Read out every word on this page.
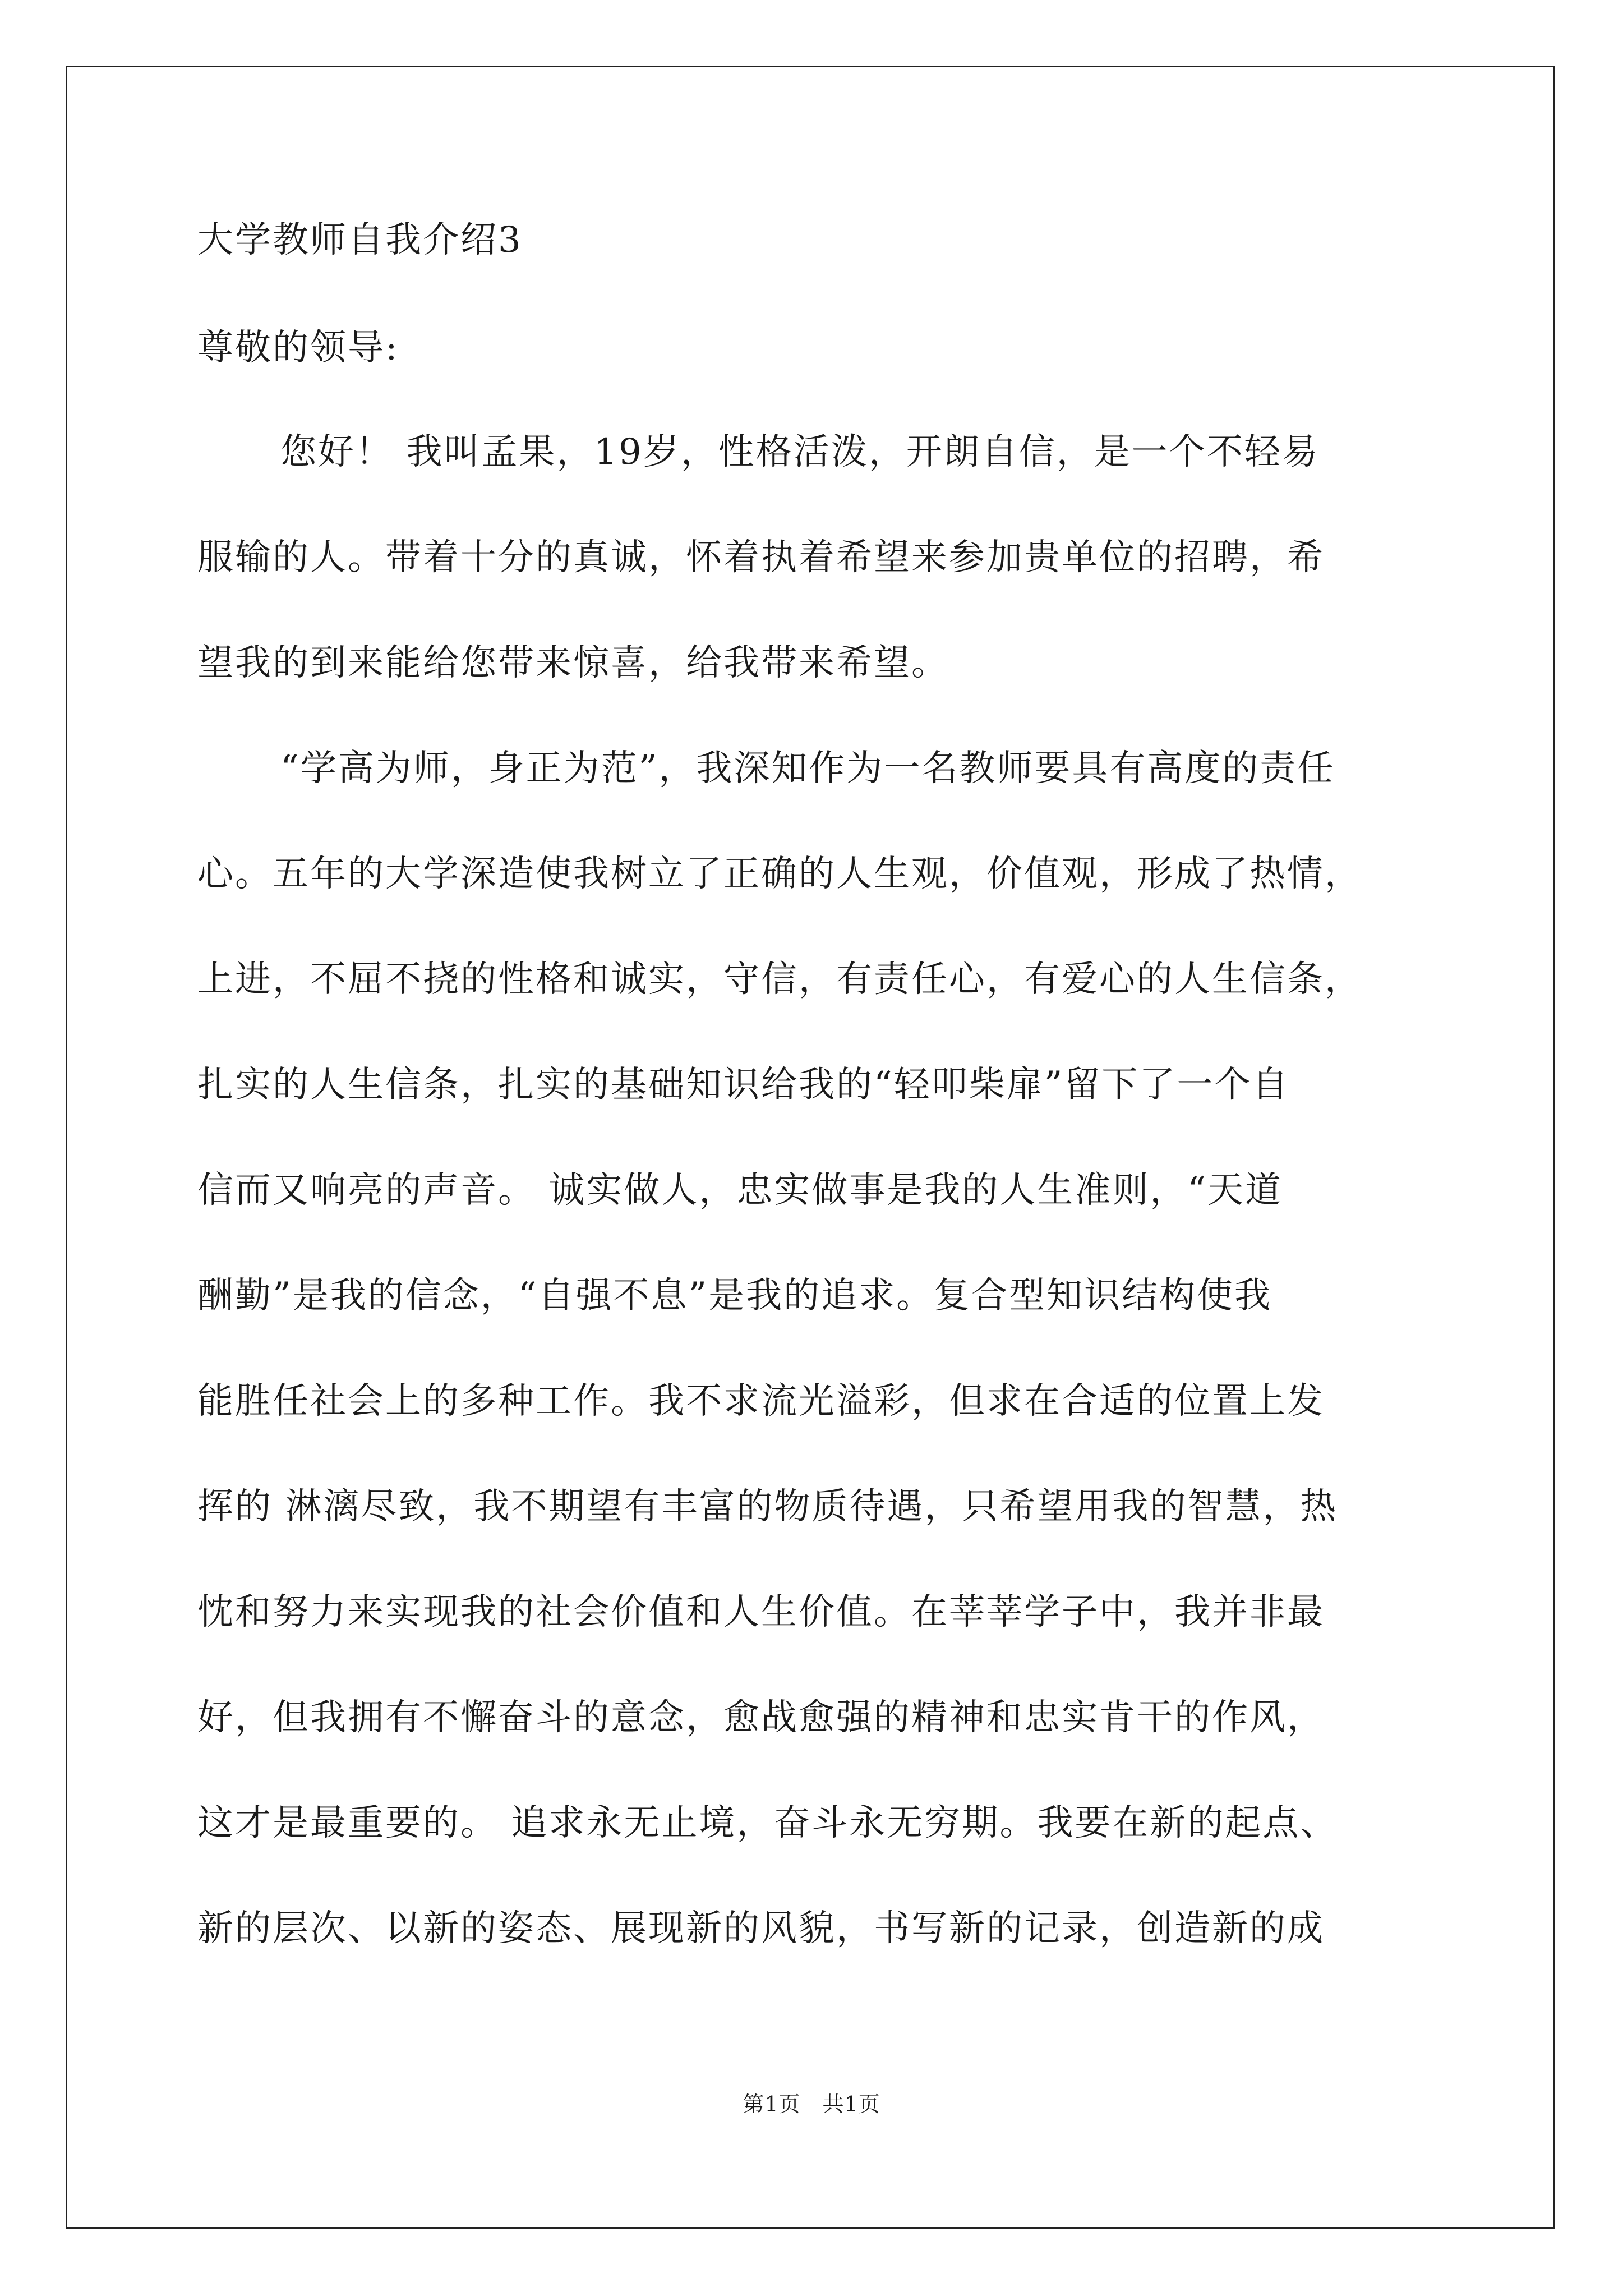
大学教师自我介绍3

尊敬的领导:

您好！ 我叫孟果，19岁，性格活泼，开朗自信，是一个不轻易

服输的人。带着十分的真诚，怀着执着希望来参加贵单位的招聘，希

望我的到来能给您带来惊喜，给我带来希望。

“学高为师，身正为范”，我深知作为一名教师要具有高度的责任

心。五年的大学深造使我树立了正确的人生观，价值观，形成了热情，

上进，不屈不挠的性格和诚实，守信，有责任心，有爱心的人生信条，

扎实的人生信条，扎实的基础知识给我的“轻叩柴扉”留下了一个自

信而又响亮的声音。 诚实做人，忠实做事是我的人生准则，“天道

酬勤”是我的信念，“自强不息”是我的追求。复合型知识结构使我

能胜任社会上的多种工作。我不求流光溢彩，但求在合适的位置上发

挥的 淋漓尽致，我不期望有丰富的物质待遇，只希望用我的智慧，热

忱和努力来实现我的社会价值和人生价值。在莘莘学子中，我并非最

好，但我拥有不懈奋斗的意念，愈战愈强的精神和忠实肯干的作风，

这才是最重要的。 追求永无止境，奋斗永无穷期。我要在新的起点、

新的层次、以新的姿态、展现新的风貌，书写新的记录，创造新的成

第1页　共1页
